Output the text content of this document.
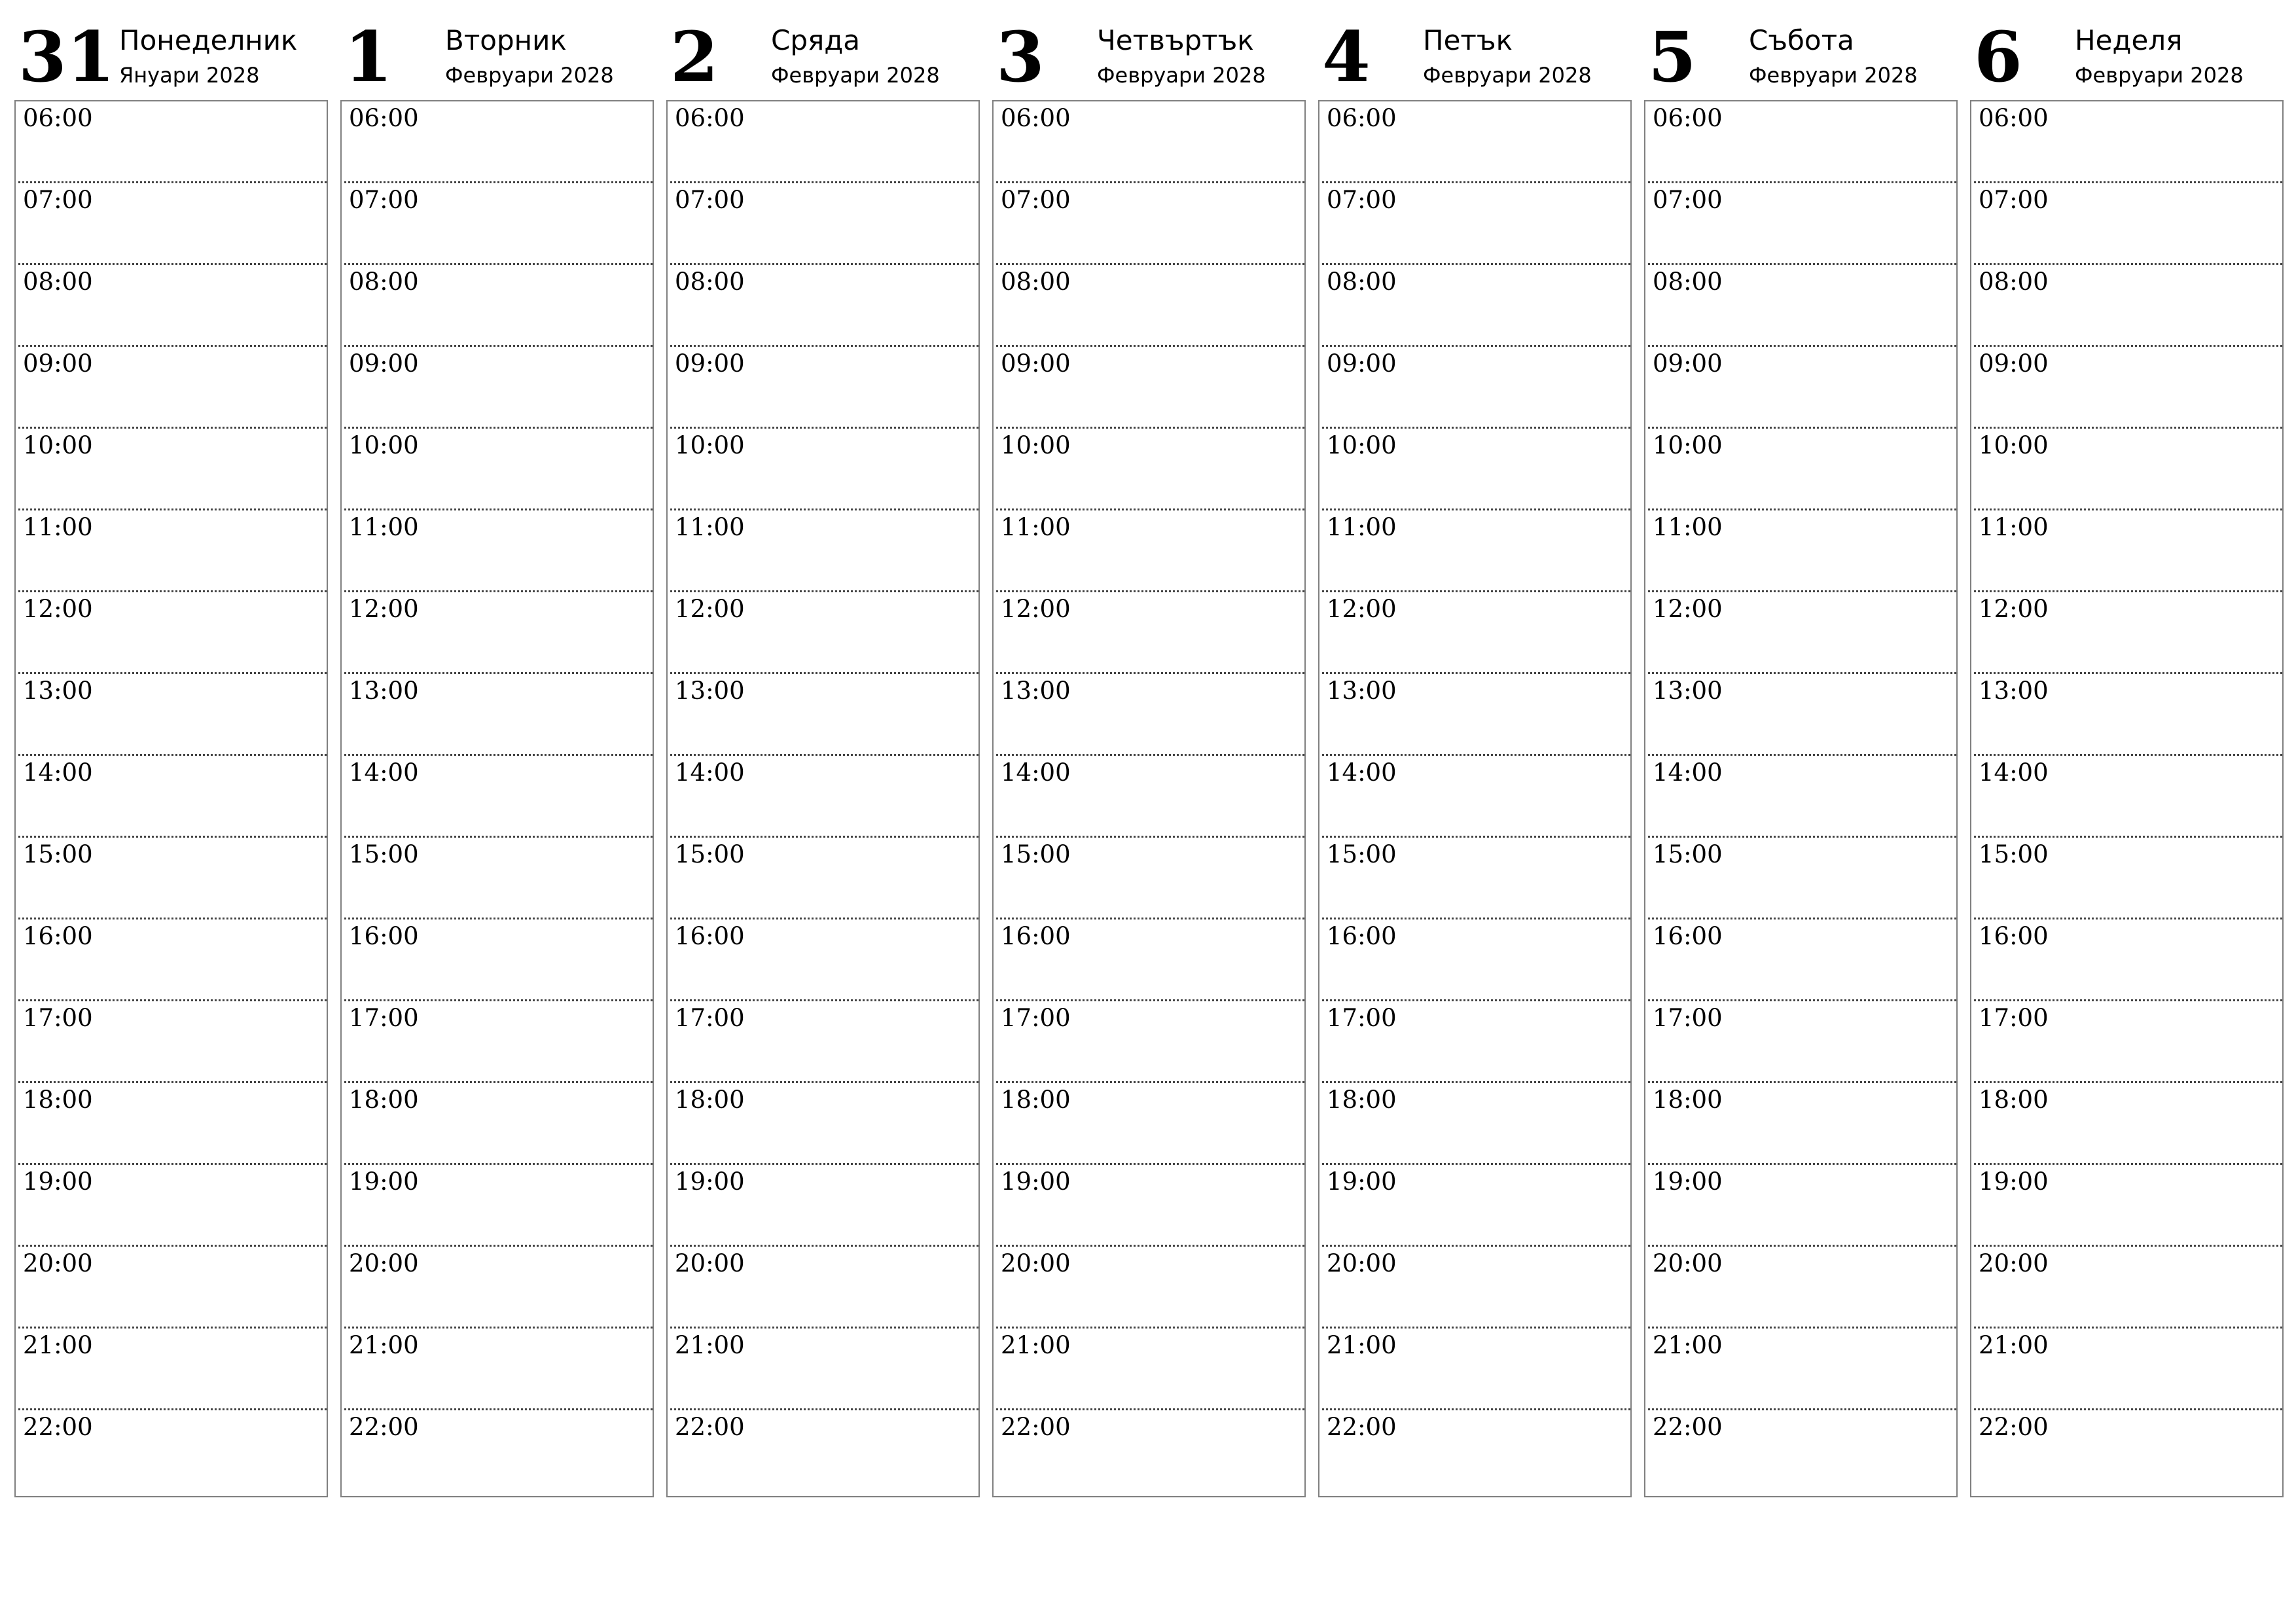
31 Понеделник
Януари 2028
06:00
07:00
08:00
09:00
10:00
11:00
12:00
13:00
14:00
15:00
16:00
17:00
18:00
19:00
20:00
21:00
22:00
1 Вторник
Февруари 2028
06:00
07:00
08:00
09:00
10:00
11:00
12:00
13:00
14:00
15:00
16:00
17:00
18:00
19:00
20:00
21:00
22:00
2 Сряда
Февруари 2028
06:00
07:00
08:00
09:00
10:00
11:00
12:00
13:00
14:00
15:00
16:00
17:00
18:00
19:00
20:00
21:00
22:00
3 Четвъртък
Февруари 2028
06:00
07:00
08:00
09:00
10:00
11:00
12:00
13:00
14:00
15:00
16:00
17:00
18:00
19:00
20:00
21:00
22:00
4 Петък
Февруари 2028
06:00
07:00
08:00
09:00
10:00
11:00
12:00
13:00
14:00
15:00
16:00
17:00
18:00
19:00
20:00
21:00
22:00
5 Събота
Февруари 2028
06:00
07:00
08:00
09:00
10:00
11:00
12:00
13:00
14:00
15:00
16:00
17:00
18:00
19:00
20:00
21:00
22:00
6 Неделя
Февруари 2028
06:00
07:00
08:00
09:00
10:00
11:00
12:00
13:00
14:00
15:00
16:00
17:00
18:00
19:00
20:00
21:00
22:00
